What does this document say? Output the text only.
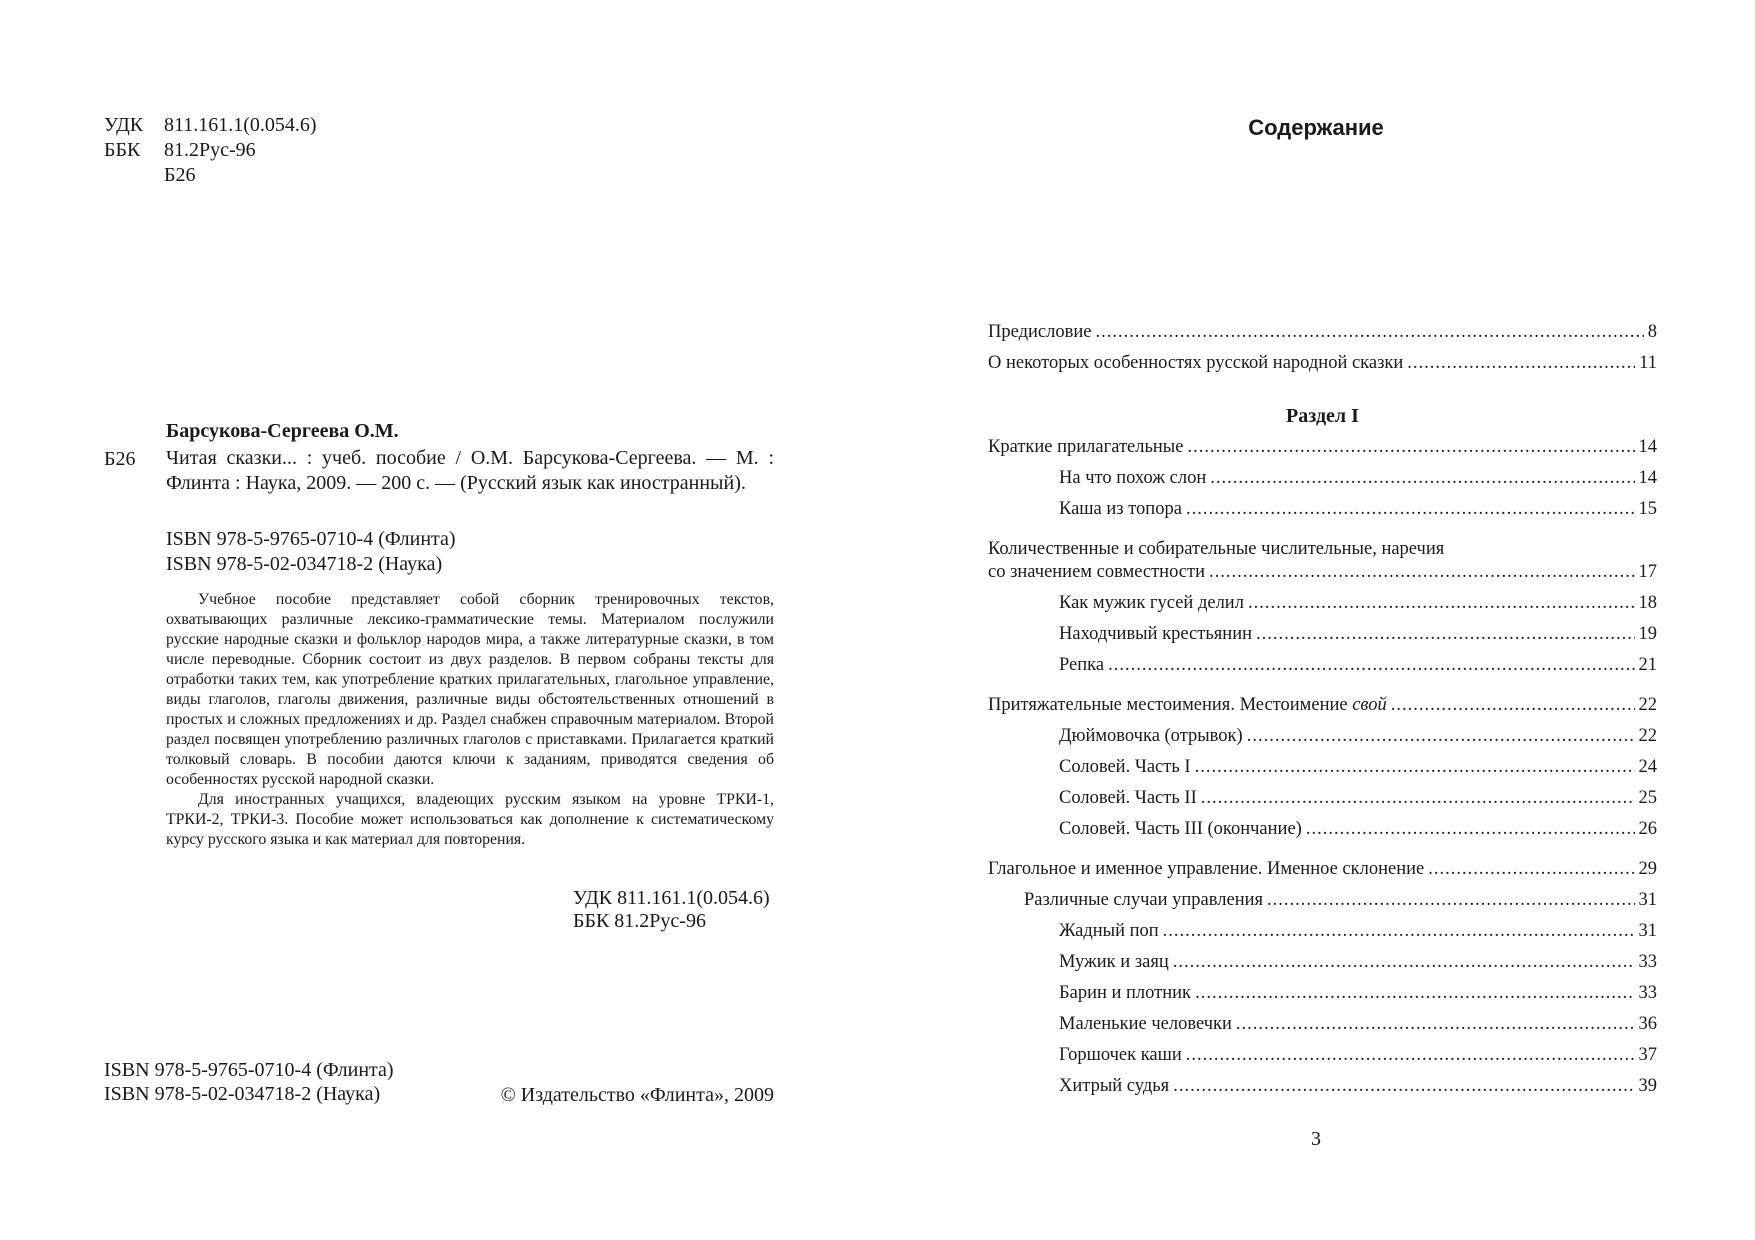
УДК	811.161.1(0.054.6)
ББК	81.2Рус-96
Б26
Барсукова-Сергеева О.М.
Б26 Читая сказки... : учеб. пособие / О.М. Барсукова-Сергеева. — М. : Флинта : Наука, 2009. — 200 с. — (Русский язык как иностранный).
ISBN 978-5-9765-0710-4 (Флинта)
ISBN 978-5-02-034718-2 (Наука)

Учебное пособие представляет собой сборник тренировочных текстов, охватывающих различные лексико-грамматические темы. Материалом послужили русские народные сказки и фольклор народов мира, а также литературные сказки, в том числе переводные. Сборник состоит из двух разделов. В первом собраны тексты для отработки таких тем, как употребление кратких прилагательных, глагольное управление, виды глаголов, глаголы движения, различные виды обстоятельственных отношений в простых и сложных предложениях и др. Раздел снабжен справочным материалом. Второй раздел посвящен употреблению различных глаголов с приставками. Прилагается краткий толковый словарь. В пособии даются ключи к заданиям, приводятся сведения об особенностях русской народной сказки.

Для иностранных учащихся, владеющих русским языком на уровне ТРКИ-1, ТРКИ-2, ТРКИ-3. Пособие может использоваться как дополнение к систематическому курсу русского языка и как материал для повторения.

УДК 811.161.1(0.054.6)
ББК 81.2Рус-96
ISBN 978-5-9765-0710-4 (Флинта)
ISBN 978-5-02-034718-2 (Наука)	© Издательство «Флинта», 2009
Содержание
Предисловие .....	8
О некоторых особенностях русской народной сказки .....	11
Раздел I
Краткие прилагательные .....	14
На что похож слон .....	14
Каша из топора .....	15
Количественные и собирательные числительные, наречия
со значением совместности .....	17
Как мужик гусей делил .....	18
Находчивый крестьянин .....	19
Репка .....	21
Притяжательные местоимения. Местоимение свой .....	22
Дюймовочка (отрывок) .....	22
Соловей. Часть I .....	24
Соловей. Часть II .....	25
Соловей. Часть III (окончание) .....	26
Глагольное и именное управление. Именное склонение .....	29
Различные случаи управления .....	31
Жадный поп .....	31
Мужик и заяц .....	33
Барин и плотник .....	33
Маленькие человечки .....	36
Горшочек каши .....	37
Хитрый судья .....	39
3
